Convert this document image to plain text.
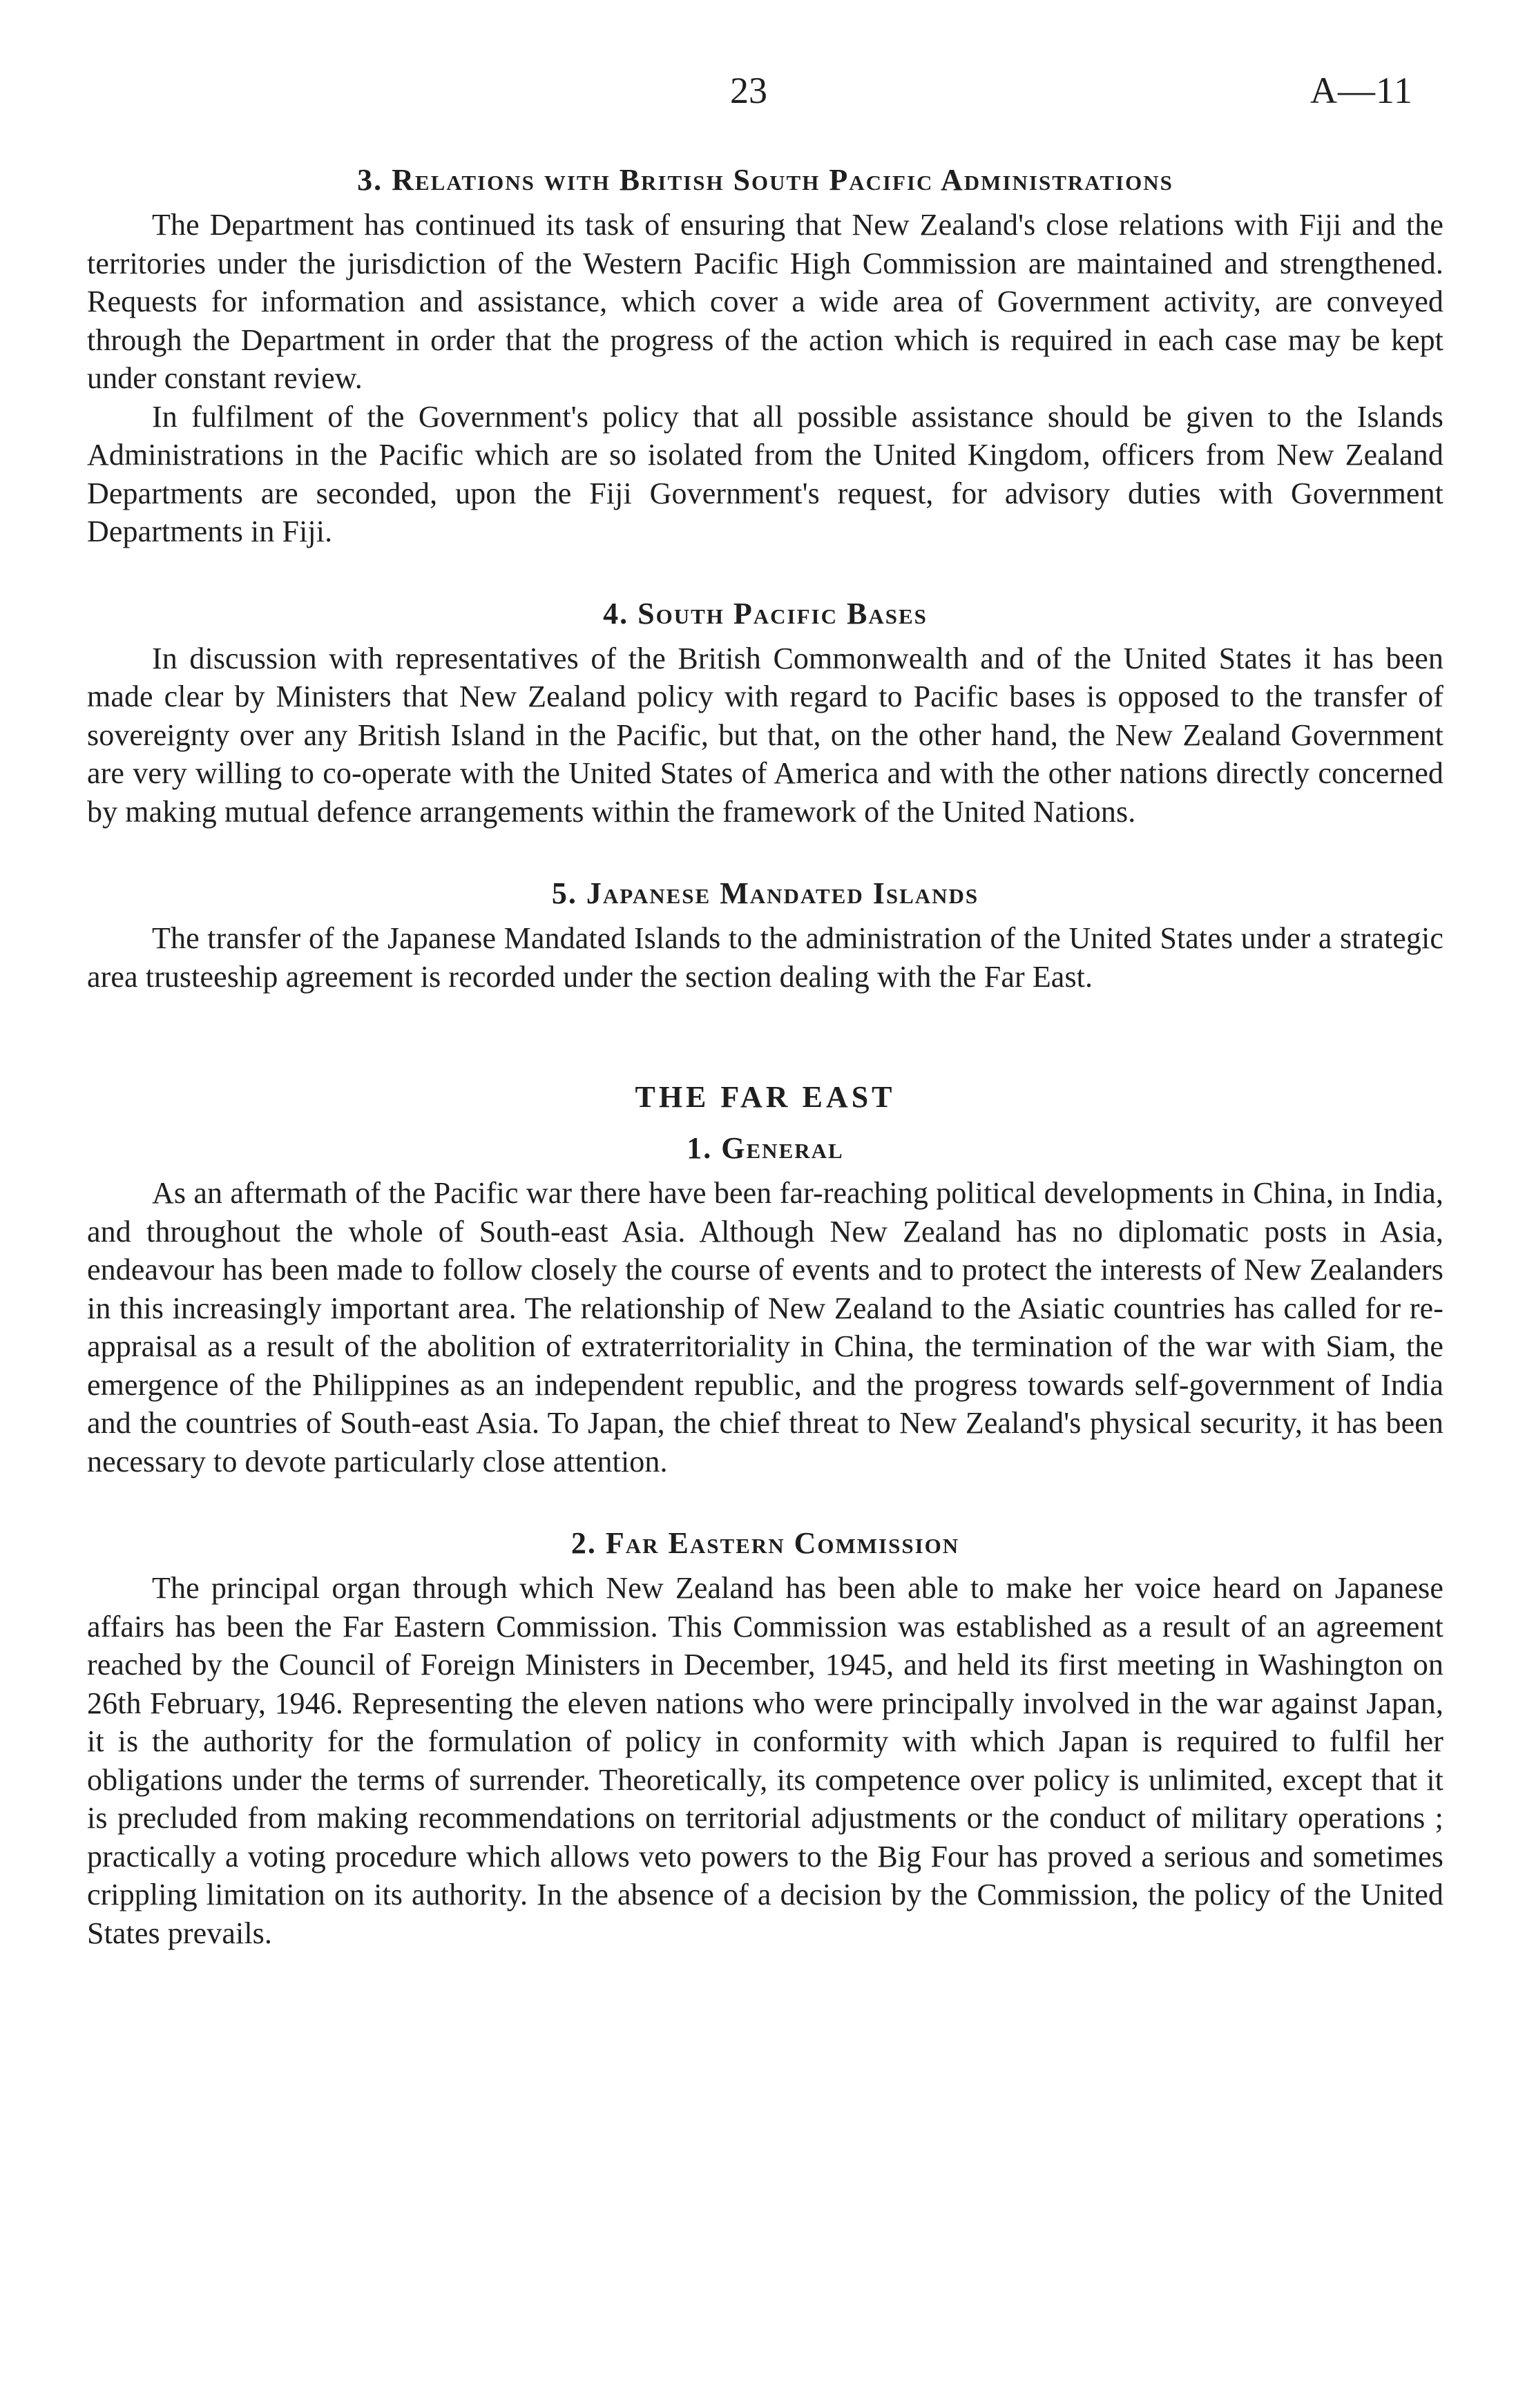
23	A—11
3. Relations with British South Pacific Administrations

The Department has continued its task of ensuring that New Zealand's close relations with Fiji and the territories under the jurisdiction of the Western Pacific High Commission are maintained and strengthened. Requests for information and assistance, which cover a wide area of Government activity, are conveyed through the Department in order that the progress of the action which is required in each case may be kept under constant review.

In fulfilment of the Government's policy that all possible assistance should be given to the Islands Administrations in the Pacific which are so isolated from the United Kingdom, officers from New Zealand Departments are seconded, upon the Fiji Government's request, for advisory duties with Government Departments in Fiji.

4. South Pacific Bases

In discussion with representatives of the British Commonwealth and of the United States it has been made clear by Ministers that New Zealand policy with regard to Pacific bases is opposed to the transfer of sovereignty over any British Island in the Pacific, but that, on the other hand, the New Zealand Government are very willing to co-operate with the United States of America and with the other nations directly concerned by making mutual defence arrangements within the framework of the United Nations.

5. Japanese Mandated Islands

The transfer of the Japanese Mandated Islands to the administration of the United States under a strategic area trusteeship agreement is recorded under the section dealing with the Far East.

THE FAR EAST
1. General

As an aftermath of the Pacific war there have been far-reaching political developments in China, in India, and throughout the whole of South-east Asia. Although New Zealand has no diplomatic posts in Asia, endeavour has been made to follow closely the course of events and to protect the interests of New Zealanders in this increasingly important area. The relationship of New Zealand to the Asiatic countries has called for re-appraisal as a result of the abolition of extraterritoriality in China, the termination of the war with Siam, the emergence of the Philippines as an independent republic, and the progress towards self-government of India and the countries of South-east Asia. To Japan, the chief threat to New Zealand's physical security, it has been necessary to devote particularly close attention.

2. Far Eastern Commission

The principal organ through which New Zealand has been able to make her voice heard on Japanese affairs has been the Far Eastern Commission. This Commission was established as a result of an agreement reached by the Council of Foreign Ministers in December, 1945, and held its first meeting in Washington on 26th February, 1946. Representing the eleven nations who were principally involved in the war against Japan, it is the authority for the formulation of policy in conformity with which Japan is required to fulfil her obligations under the terms of surrender. Theoretically, its competence over policy is unlimited, except that it is precluded from making recommendations on territorial adjustments or the conduct of military operations ; practically a voting procedure which allows veto powers to the Big Four has proved a serious and sometimes crippling limitation on its authority. In the absence of a decision by the Commission, the policy of the United States prevails.
